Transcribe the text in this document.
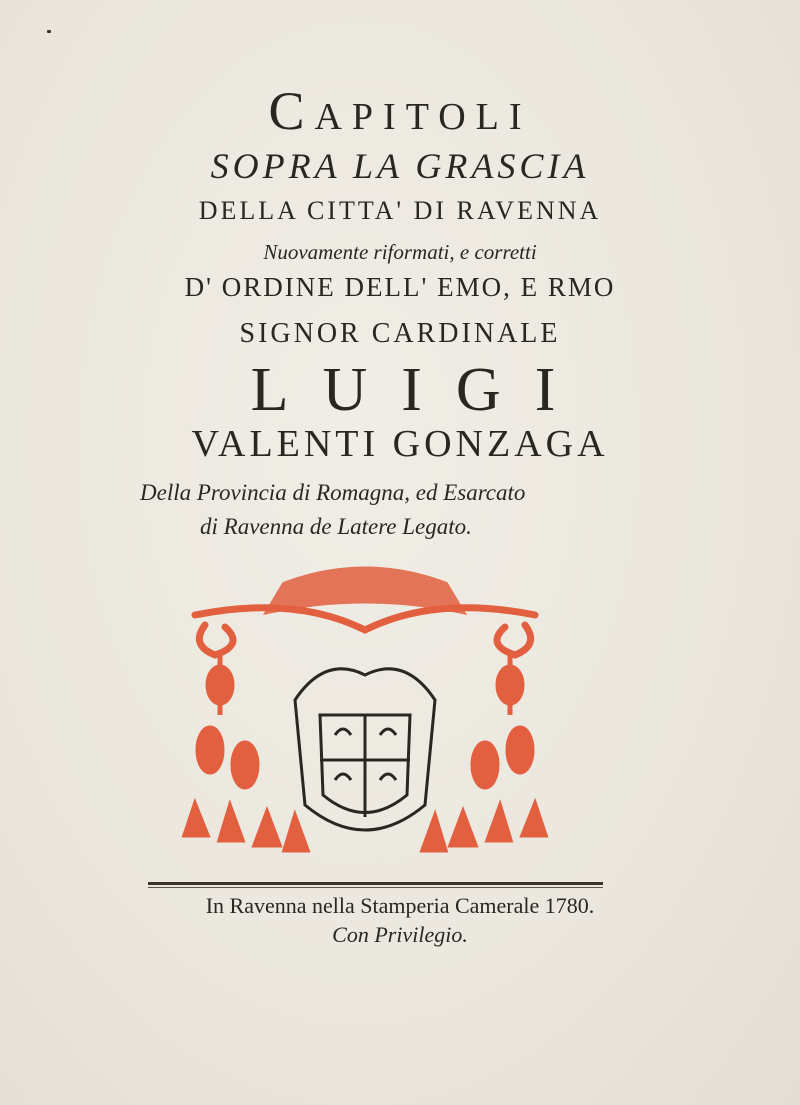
Capitoli
SOPRA LA GRASCIA
DELLA CITTA' DI RAVENNA
Nuovamente riformati, e corretti
D' ORDINE DELL' EMO, E RMO
SIGNOR CARDINALE
LUIGI
VALENTI GONZAGA
Della Provincia di Romagna, ed Esarcato
di Ravenna de Latere Legato.
In Ravenna nella Stamperia Camerale 1780.
Con Privilegio.
